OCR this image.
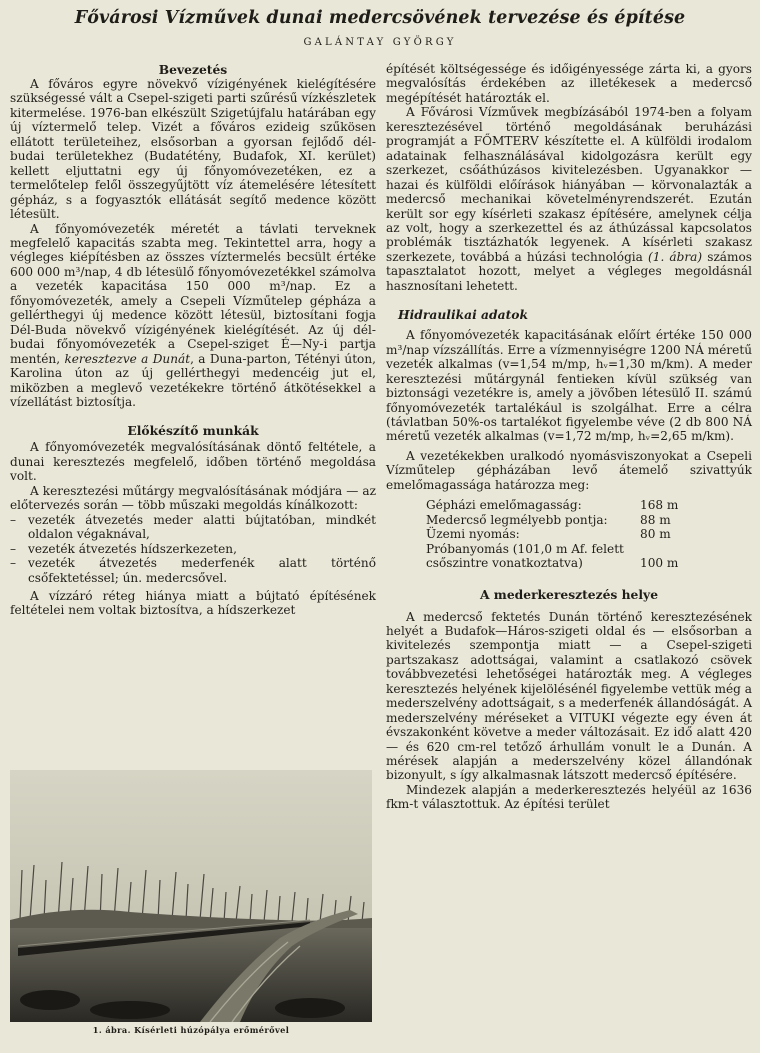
Fővárosi Vízművek dunai medercsövének tervezése és építése
GALÁNTAY GYÖRGY
Bevezetés

A főváros egyre növekvő vízigényének kielégítésére szükségessé vált a Csepel-szigeti parti szűrésű vízkészletek kitermelése. 1976-ban elkészült Szigetújfalu határában egy új víztermelő telep. Vizét a főváros ezideig szűkösen ellátott területeihez, elsősorban a gyorsan fejlődő dél-budai területekhez (Budatétény, Budafok, XI. kerület) kellett eljuttatni egy új főnyomóvezetéken, ez a termelőtelep felől összegyűjtött víz átemelésére létesített gépház, s a fogyasztók ellátását segítő medence között létesült.

A főnyomóvezeték méretét a távlati terveknek megfelelő kapacitás szabta meg. Tekintettel arra, hogy a végleges kiépítésben az összes víztermelés becsült értéke 600 000 m³/nap, 4 db létesülő főnyomóvezetékkel számolva a vezeték kapacitása 150 000 m³/nap. Ez a főnyomóvezeték, amely a Csepeli Vízműtelep gépháza a gellérthegyi új medence között létesül, biztosítani fogja Dél-Buda növekvő vízigényének kielégítését. Az új dél-budai főnyomóvezeték a Csepel-sziget É—Ny-i partja mentén, keresztezve a Dunát, a Duna-parton, Tétényi úton, Karolina úton az új gellérthegyi medencéig jut el, miközben a meglevő vezetékekre történő átkötésekkel a vízellátást biztosítja.

Előkészítő munkák

A főnyomóvezeték megvalósításának döntő feltétele, a dunai keresztezés megfelelő, időben történő megoldása volt.

A keresztezési műtárgy megvalósításának módjára — az előtervezés során — több műszaki megoldás kínálkozott:

– vezeték átvezetés meder alatti bújtatóban, mindkét oldalon végaknával,
– vezeték átvezetés hídszerkezeten,
– vezeték átvezetés mederfenék alatt történő csőfektetéssel; ún. medercsővel.

A vízzáró réteg hiánya miatt a bújtató építésének feltételei nem voltak biztosítva, a hídszerkezet

1. ábra. Kísérleti húzópálya erőmérővel

építését költségessége és időigényessége zárta ki, a gyors megvalósítás érdekében az illetékesek a medercső megépítését határozták el.

A Fővárosi Vízművek megbízásából 1974-ben a folyam keresztezésével történő megoldásának beruházási programját a FŐMTERV készítette el. A külföldi irodalom adatainak felhasználásával kidolgozásra került egy szerkezet, csőáthúzásos kivitelezésben. Ugyanakkor — hazai és külföldi előírások hiányában — körvonalazták a medercső mechanikai követelményrendszerét. Ezután került sor egy kísérleti szakasz építésére, amelynek célja az volt, hogy a szerkezettel és az áthúzással kapcsolatos problémák tisztázhatók legyenek. A kísérleti szakasz szerkezete, továbbá a húzási technológia (1. ábra) számos tapasztalatot hozott, melyet a végleges megoldásnál hasznosítani lehetett.

Hidraulikai adatok

A főnyomóvezeték kapacitásának előírt értéke 150 000 m³/nap vízszállítás. Erre a vízmennyiségre 1200 NÁ méretű vezeték alkalmas (v=1,54 m/mp, hᵥ=1,30 m/km). A meder keresztezési műtárgynál fentieken kívül szükség van biztonsági vezetékre is, amely a jövőben létesülő II. számú főnyomóvezeték tartalékául is szolgálhat. Erre a célra (távlatban 50%-os tartalékot figyelembe véve (2 db 800 NÁ méretű vezeték alkalmas (v=1,72 m/mp, hᵥ=2,65 m/km).

A vezetékekben uralkodó nyomásviszonyokat a Csepeli Vízműtelep gépházában levő átemelő szivattyúk emelőmagassága határozza meg:

Gépházi emelőmagasság:	168 m
Medercső legmélyebb pontja:	88 m
Üzemi nyomás:	80 m
Próbanyomás (101,0 m Af. felett csőszintre vonatkoztatva)	100 m
A mederkeresztezés helye

A medercső fektetés Dunán történő keresztezésének helyét a Budafok—Háros-szigeti oldal és — elsősorban a kivitelezés szempontja miatt — a Csepel-szigeti partszakasz adottságai, valamint a csatlakozó csövek továbbvezetési lehetőségei határozták meg. A végleges keresztezés helyének kijelölésénél figyelembe vettük még a mederszelvény adottságait, s a mederfenék állandóságát. A mederszelvény méréseket a VITUKI végezte egy éven át évszakonként követve a meder változásait. Ez idő alatt 420 — és 620 cm-rel tetőző árhullám vonult le a Dunán. A mérések alapján a mederszelvény közel állandónak bizonyult, s így alkalmasnak látszott medercső építésére.

Mindezek alapján a mederkeresztezés helyéül az 1636 fkm-t választottuk. Az építési terület
